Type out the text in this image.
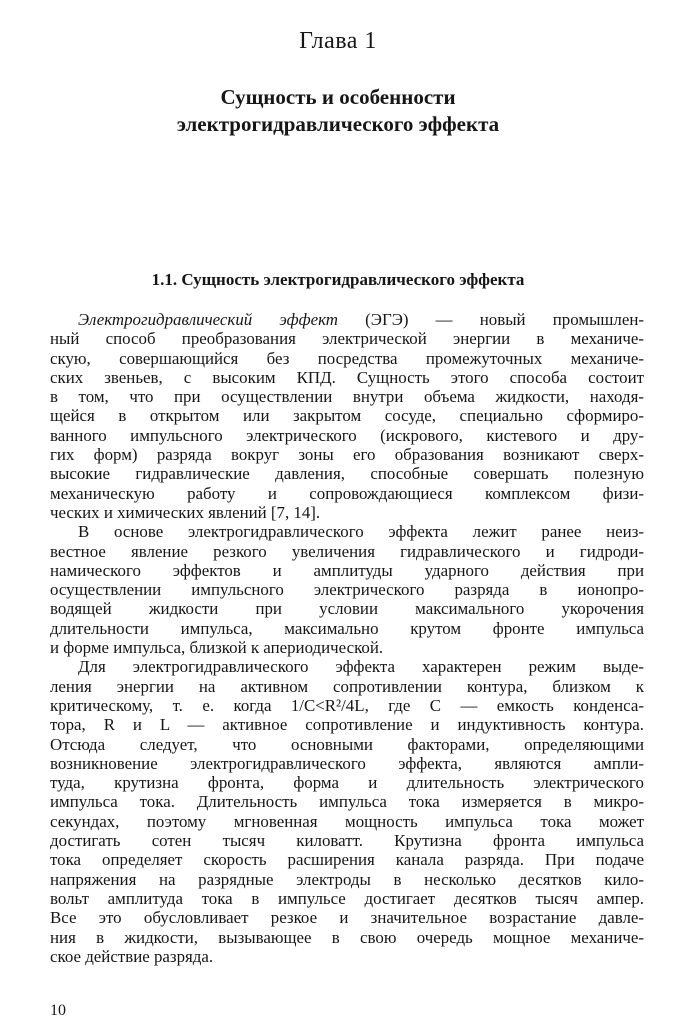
Глава 1
Сущность и особенности
электрогидравлического эффекта
1.1. Сущность электрогидравлического эффекта

Электрогидравлический эффект (ЭГЭ) — новый промышлен-
ный способ преобразования электрической энергии в механиче-
скую, совершающийся без посредства промежуточных механиче-
ских звеньев, с высоким КПД. Сущность этого способа состоит
в том, что при осуществлении внутри объема жидкости, находя-
щейся в открытом или закрытом сосуде, специально сформиро-
ванного импульсного электрического (искрового, кистевого и дру-
гих форм) разряда вокруг зоны его образования возникают сверх-
высокие гидравлические давления, способные совершать полезную
механическую работу и сопровождающиеся комплексом физи-
ческих и химических явлений [7, 14].

В основе электрогидравлического эффекта лежит ранее неиз-
вестное явление резкого увеличения гидравлического и гидроди-
намического эффектов и амплитуды ударного действия при
осуществлении импульсного электрического разряда в ионопро-
водящей жидкости при условии максимального укорочения
длительности импульса, максимально крутом фронте импульса
и форме импульса, близкой к апериодической.

Для электрогидравлического эффекта характерен режим выде-
ления энергии на активном сопротивлении контура, близком к
критическому, т. е. когда 1/C<R²/4L, где C — емкость конденса-
тора, R и L — активное сопротивление и индуктивность контура.
Отсюда следует, что основными факторами, определяющими
возникновение электрогидравлического эффекта, являются ампли-
туда, крутизна фронта, форма и длительность электрического
импульса тока. Длительность импульса тока измеряется в микро-
секундах, поэтому мгновенная мощность импульса тока может
достигать сотен тысяч киловатт. Крутизна фронта импульса
тока определяет скорость расширения канала разряда. При подаче
напряжения на разрядные электроды в несколько десятков кило-
вольт амплитуда тока в импульсе достигает десятков тысяч ампер.
Все это обусловливает резкое и значительное возрастание давле-
ния в жидкости, вызывающее в свою очередь мощное механиче-
ское действие разряда.

10
